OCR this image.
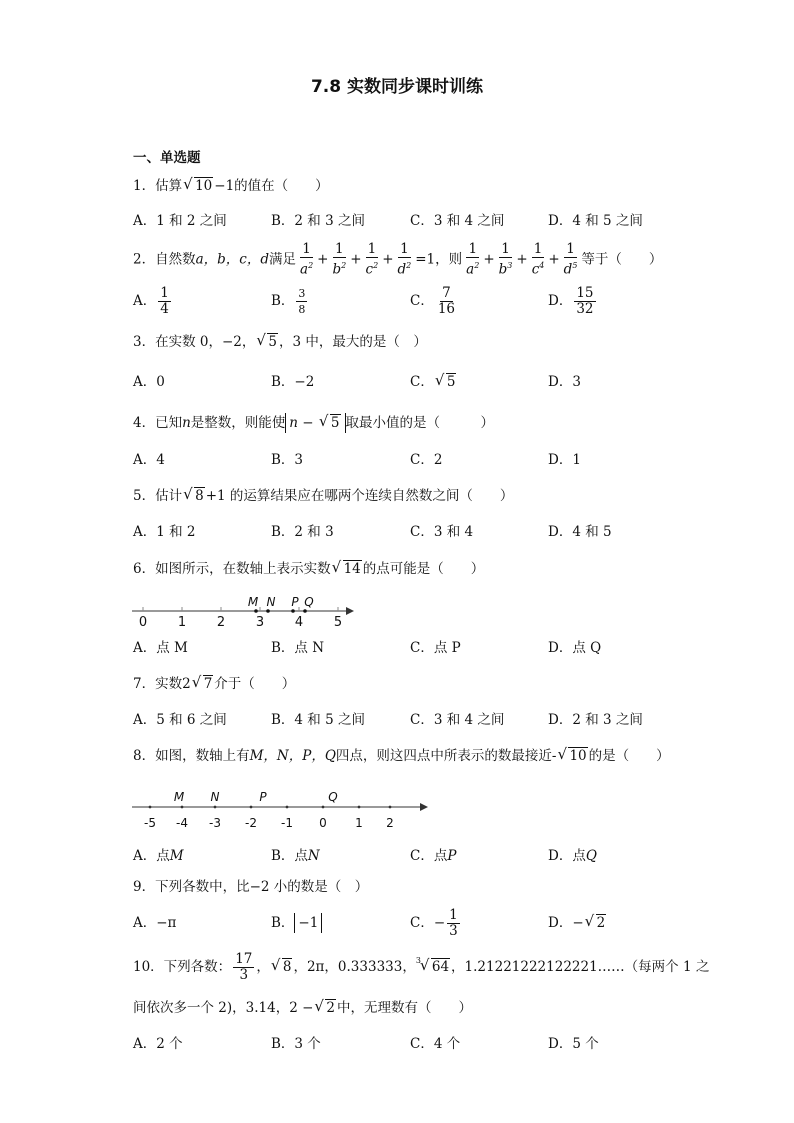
7.8 实数同步课时训练
一、单选题
1．估算 √ 10 −1的值在（　　）
A．1 和 2 之间	B．2 和 3 之间	C．3 和 4 之间	D．4 和 5 之间
2．自然数a，b，c，d满足 $\frac{1}{a^2} + \frac{1}{b^2} + \frac{1}{c^2} + \frac{1}{d^2} =1$，则 $\frac{1}{a^2} + \frac{1}{b^3} + \frac{1}{c^4} + \frac{1}{d^5}$ 等于（　　）
A． $\frac{1}{4}$	B． $\frac{3}{8}$	C． $\frac{7}{16}$	D． $\frac{15}{32}$
3．在实数 0，−2， √ 5 ，3 中，最大的是（　）
A．0	B．−2	C． √ 5	D．3
4．已知n是整数，则能使 n − √ 5 取最小值的是（　　　）
A．4	B．3	C．2	D．1
5．估计 √ 8 +1 的运算结果应在哪两个连续自然数之间（　　）
A．1 和 2	B．2 和 3	C．3 和 4	D．4 和 5
6．如图所示，在数轴上表示实数 √ 14 的点可能是（　　）
0 1 2 3 4 5
M N P Q
A．点 M	B．点 N	C．点 P	D．点 Q
7．实数2 √ 7 介于（　　）
A．5 和 6 之间	B．4 和 5 之间	C．3 和 4 之间	D．2 和 3 之间
8．如图，数轴上有M，N，P，Q四点，则这四点中所表示的数最接近- √ 10 的是（　　）
-5 -4 -3 -2 -1 0 1 2
M N	P	Q
A．点M	B．点N	C．点P	D．点Q
9．下列各数中，比−2 小的数是（　）
A．−π	B． −1	C．− $\frac{1}{3}$	D．− √ 2
10．下列各数： $\frac{17}{3}$ ， √ 8 ，2π，0.333333， 3 √ 64 ，1.21221222122221……（每两个 1 之
间依次多一个 2)，3.14，2 − √ 2 中，无理数有（　　）
A．2 个	B．3 个	C．4 个	D．5 个
